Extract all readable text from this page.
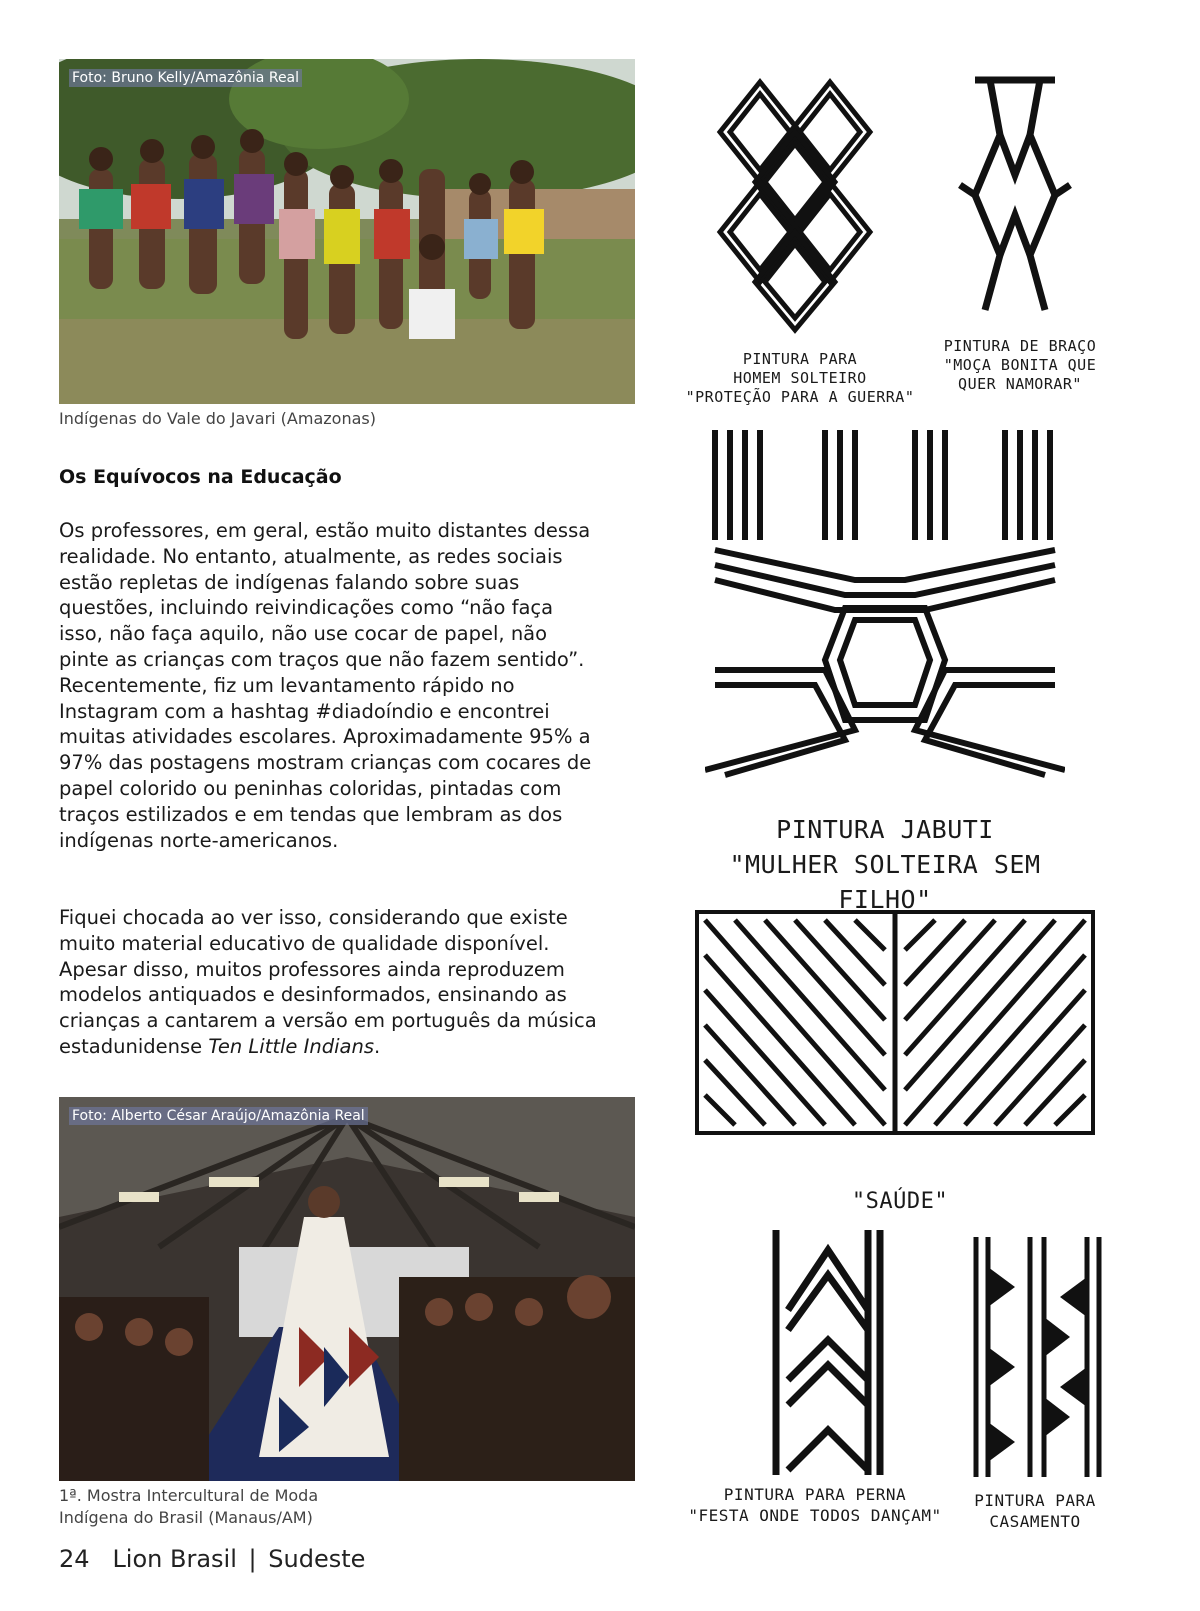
Foto: Bruno Kelly/Amazônia Real
Indígenas do Vale do Javari (Amazonas)
Os Equívocos na Educação

Os professores, em geral, estão muito distantes dessa realidade. No entanto, atualmente, as redes sociais estão repletas de indígenas falando sobre suas questões, incluindo reivindicações como “não faça isso, não faça aquilo, não use cocar de papel, não pinte as crianças com traços que não fazem sentido”. Recentemente, fiz um levantamento rápido no Instagram com a hashtag #diadoíndio e encontrei muitas atividades escolares. Aproximadamente 95% a 97% das postagens mostram crianças com cocares de papel colorido ou peninhas coloridas, pintadas com traços estilizados e em tendas que lembram as dos indígenas norte-americanos.

Fiquei chocada ao ver isso, considerando que existe muito material educativo de qualidade disponível. Apesar disso, muitos professores ainda reproduzem modelos antiquados e desinformados, ensinando as crianças a cantarem a versão em português da música estadunidense Ten Little Indians.

Foto: Alberto César Araújo/Amazônia Real
1ª. Mostra Intercultural de Moda
Indígena do Brasil (Manaus/AM)
PINTURA PARA
HOMEM SOLTEIRO
"PROTEÇÃO PARA A GUERRA"
PINTURA DE BRAÇO
"MOÇA BONITA QUE
QUER NAMORAR"
PINTURA JABUTI
"MULHER SOLTEIRA SEM FILHO"
"SAÚDE"
PINTURA PARA PERNA
"FESTA ONDE TODOS DANÇAM"
PINTURA PARA
CASAMENTO
24 Lion Brasil | Sudeste
